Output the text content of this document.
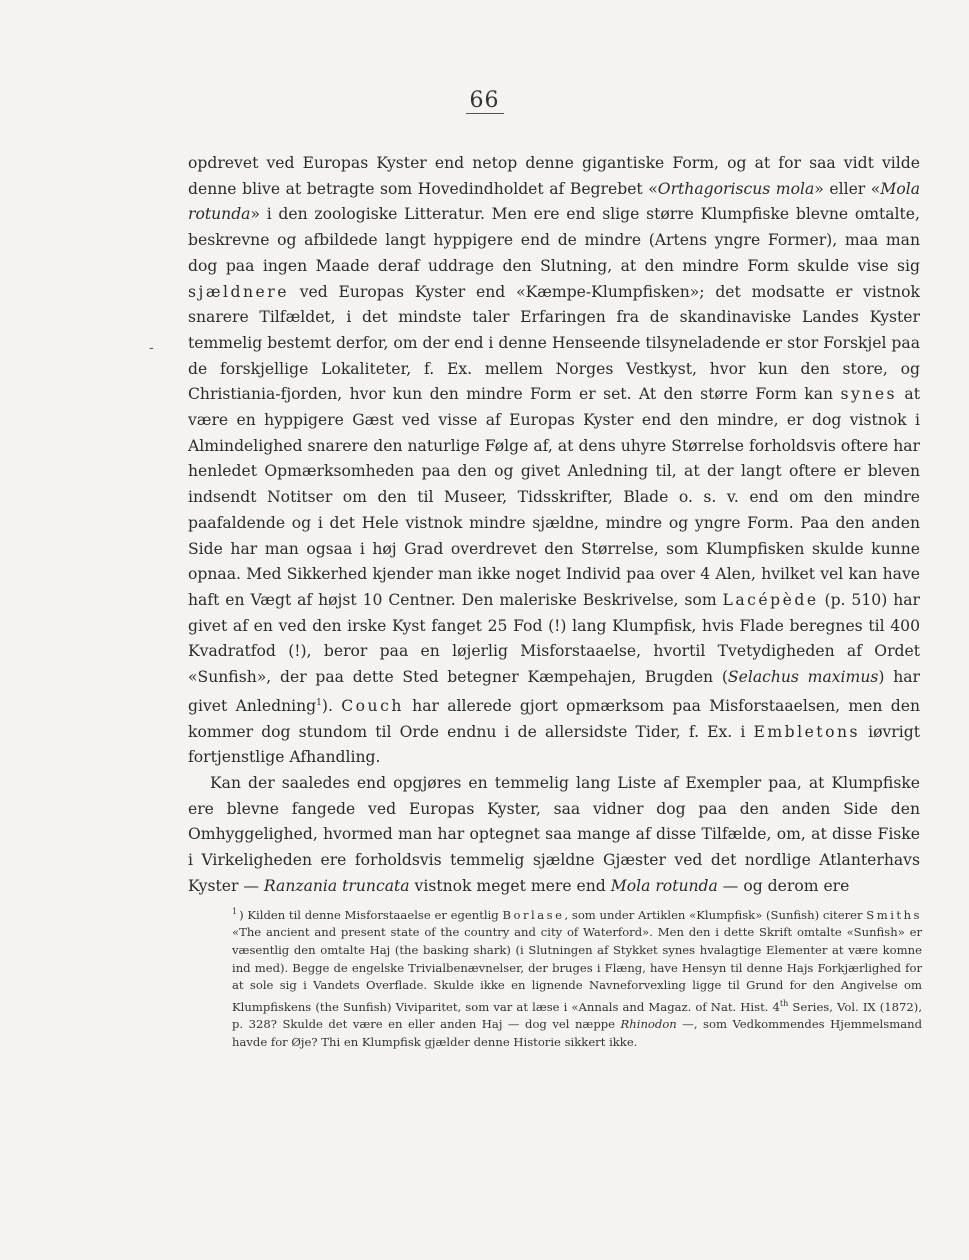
66
-

opdrevet ved Europas Kyster end netop denne gigantiske Form, og at for saa vidt vilde denne blive at betragte som Hovedindholdet af Begrebet «Orthagoriscus mola» eller «Mola rotunda» i den zoologiske Litteratur. Men ere end slige større Klumpfiske blevne omtalte, beskrevne og afbildede langt hyppigere end de mindre (Artens yngre Former), maa man dog paa ingen Maade deraf uddrage den Slutning, at den mindre Form skulde vise sig sjældnere ved Europas Kyster end «Kæmpe-Klumpfisken»; det modsatte er vistnok snarere Tilfældet, i det mindste taler Erfaringen fra de skandinaviske Landes Kyster temmelig bestemt derfor, om der end i denne Henseende tilsyneladende er stor Forskjel paa de forskjellige Lokaliteter, f. Ex. mellem Norges Vestkyst, hvor kun den store, og Christiania-fjorden, hvor kun den mindre Form er set. At den større Form kan synes at være en hyppigere Gæst ved visse af Europas Kyster end den mindre, er dog vistnok i Almindelighed snarere den naturlige Følge af, at dens uhyre Størrelse forholdsvis oftere har henledet Opmærksomheden paa den og givet Anledning til, at der langt oftere er bleven indsendt Notitser om den til Museer, Tidsskrifter, Blade o. s. v. end om den mindre paafaldende og i det Hele vistnok mindre sjældne, mindre og yngre Form. Paa den anden Side har man ogsaa i høj Grad overdrevet den Størrelse, som Klumpfisken skulde kunne opnaa. Med Sikkerhed kjender man ikke noget Individ paa over 4 Alen, hvilket vel kan have haft en Vægt af højst 10 Centner. Den maleriske Beskrivelse, som Lacépède (p. 510) har givet af en ved den irske Kyst fanget 25 Fod (!) lang Klumpfisk, hvis Flade beregnes til 400 Kvadratfod (!), beror paa en løjerlig Misforstaaelse, hvortil Tvetydigheden af Ordet «Sunfish», der paa dette Sted betegner Kæmpehajen, Brugden (Selachus maximus) har givet Anledning$^1$). Couch har allerede gjort opmærksom paa Misforstaaelsen, men den kommer dog stundom til Orde endnu i de allersidste Tider, f. Ex. i Embletons iøvrigt fortjenstlige Afhandling.

Kan der saaledes end opgjøres en temmelig lang Liste af Exempler paa, at Klumpfiske ere blevne fangede ved Europas Kyster, saa vidner dog paa den anden Side den Omhyggelighed, hvormed man har optegnet saa mange af disse Tilfælde, om, at disse Fiske i Virkeligheden ere forholdsvis temmelig sjældne Gjæster ved det nordlige Atlanterhavs Kyster — Ranzania truncata vistnok meget mere end Mola rotunda — og derom ere

$^1$ ) Kilden til denne Misforstaaelse er egentlig Borlase, som under Artiklen «Klumpfisk» (Sunfish) citerer Smiths «The ancient and present state of the country and city of Waterford». Men den i dette Skrift omtalte «Sunfish» er væsentlig den omtalte Haj (the basking shark) (i Slutningen af Stykket synes hvalagtige Elementer at være komne ind med). Begge de engelske Trivialbenævnelser, der bruges i Flæng, have Hensyn til denne Hajs Forkjærlighed for at sole sig i Vandets Overflade. Skulde ikke en lignende Navneforvexling ligge til Grund for den Angivelse om Klumpfiskens (the Sunfish) Viviparitet, som var at læse i «Annals and Magaz. of Nat. Hist. 4th Series, Vol. IX (1872), p. 328? Skulde det være en eller anden Haj — dog vel næppe Rhinodon —, som Vedkommendes Hjemmelsmand havde for Øje? Thi en Klumpfisk gjælder denne Historie sikkert ikke.
